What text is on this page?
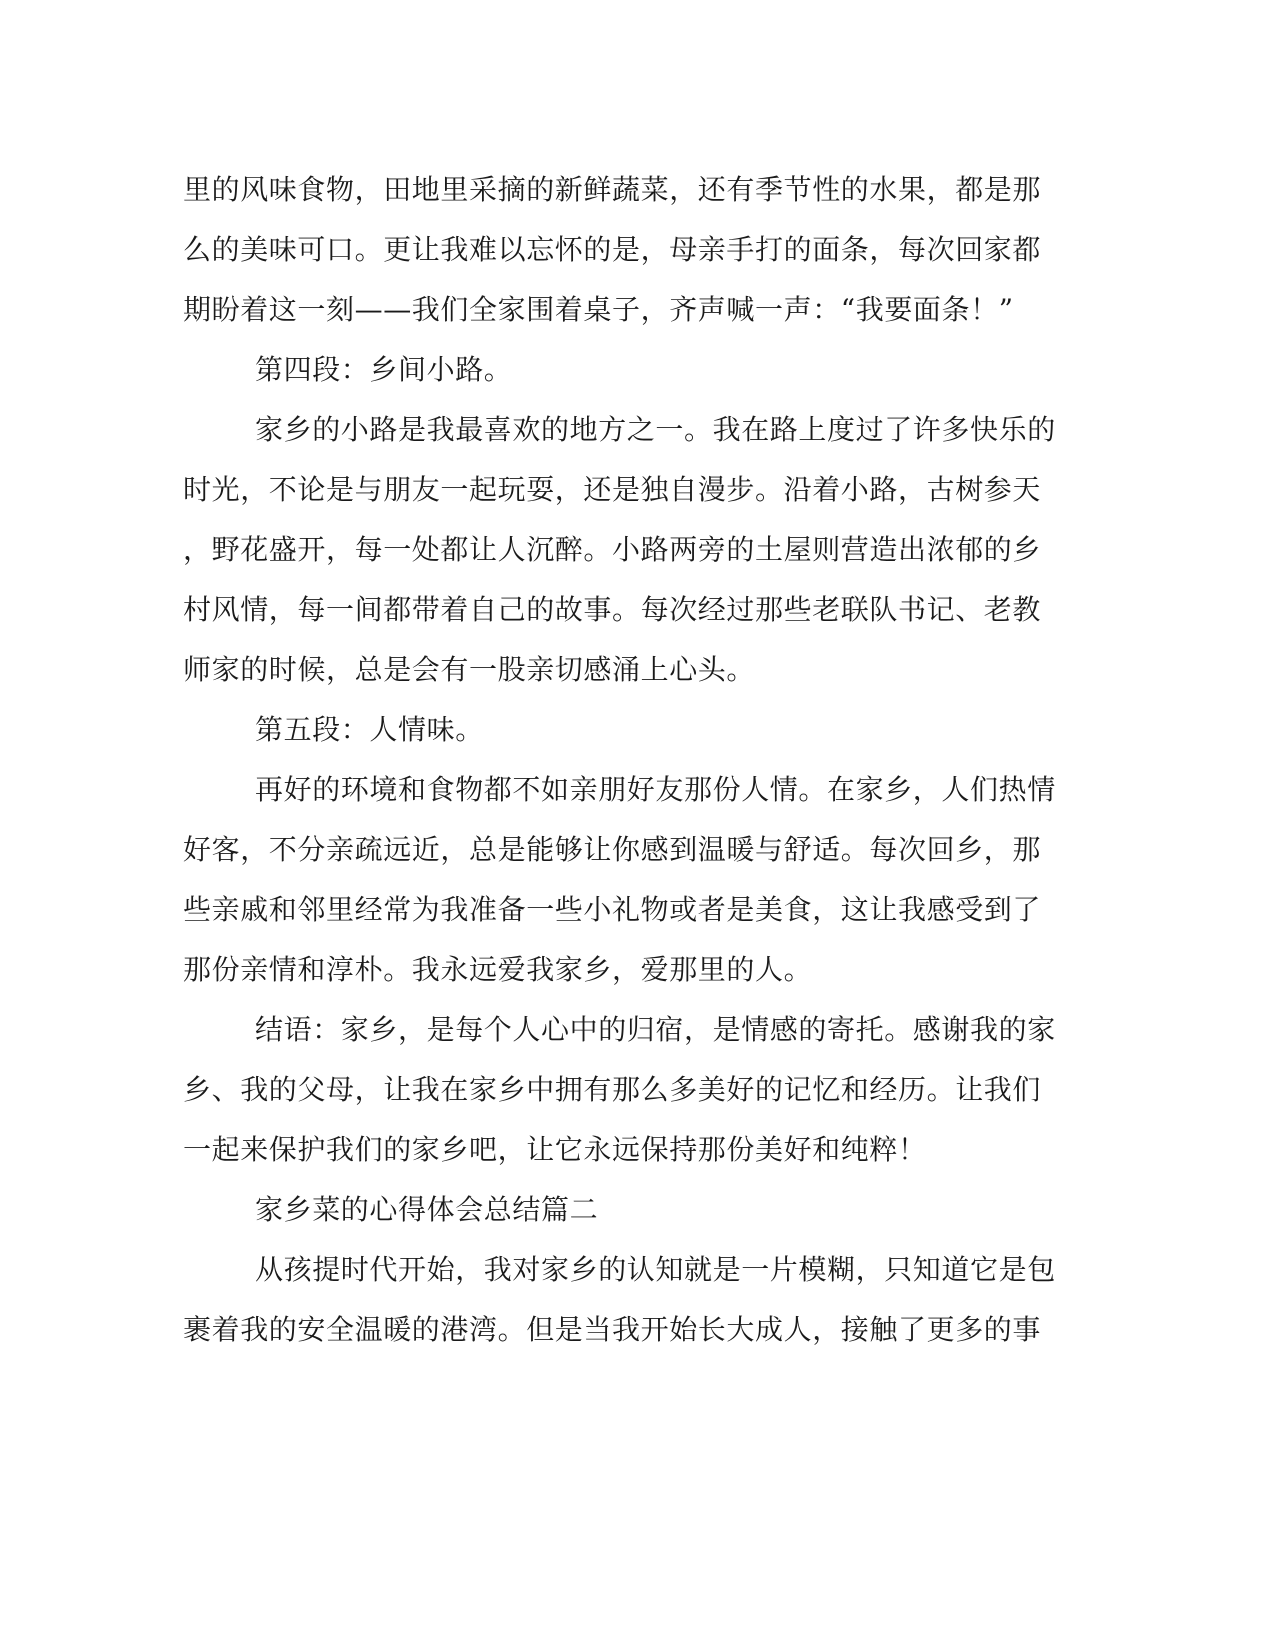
里的风味食物，田地里采摘的新鲜蔬菜，还有季节性的水果，都是那
么的美味可口。更让我难以忘怀的是，母亲手打的面条，每次回家都
期盼着这一刻——我们全家围着桌子，齐声喊一声：“我要面条！”
第四段：乡间小路。
家乡的小路是我最喜欢的地方之一。我在路上度过了许多快乐的
时光，不论是与朋友一起玩耍，还是独自漫步。沿着小路，古树参天
，野花盛开，每一处都让人沉醉。小路两旁的土屋则营造出浓郁的乡
村风情，每一间都带着自己的故事。每次经过那些老联队书记、老教
师家的时候，总是会有一股亲切感涌上心头。
第五段：人情味。
再好的环境和食物都不如亲朋好友那份人情。在家乡，人们热情
好客，不分亲疏远近，总是能够让你感到温暖与舒适。每次回乡，那
些亲戚和邻里经常为我准备一些小礼物或者是美食，这让我感受到了
那份亲情和淳朴。我永远爱我家乡，爱那里的人。
结语：家乡，是每个人心中的归宿，是情感的寄托。感谢我的家
乡、我的父母，让我在家乡中拥有那么多美好的记忆和经历。让我们
一起来保护我们的家乡吧，让它永远保持那份美好和纯粹！
家乡菜的心得体会总结篇二
从孩提时代开始，我对家乡的认知就是一片模糊，只知道它是包
裹着我的安全温暖的港湾。但是当我开始长大成人，接触了更多的事
